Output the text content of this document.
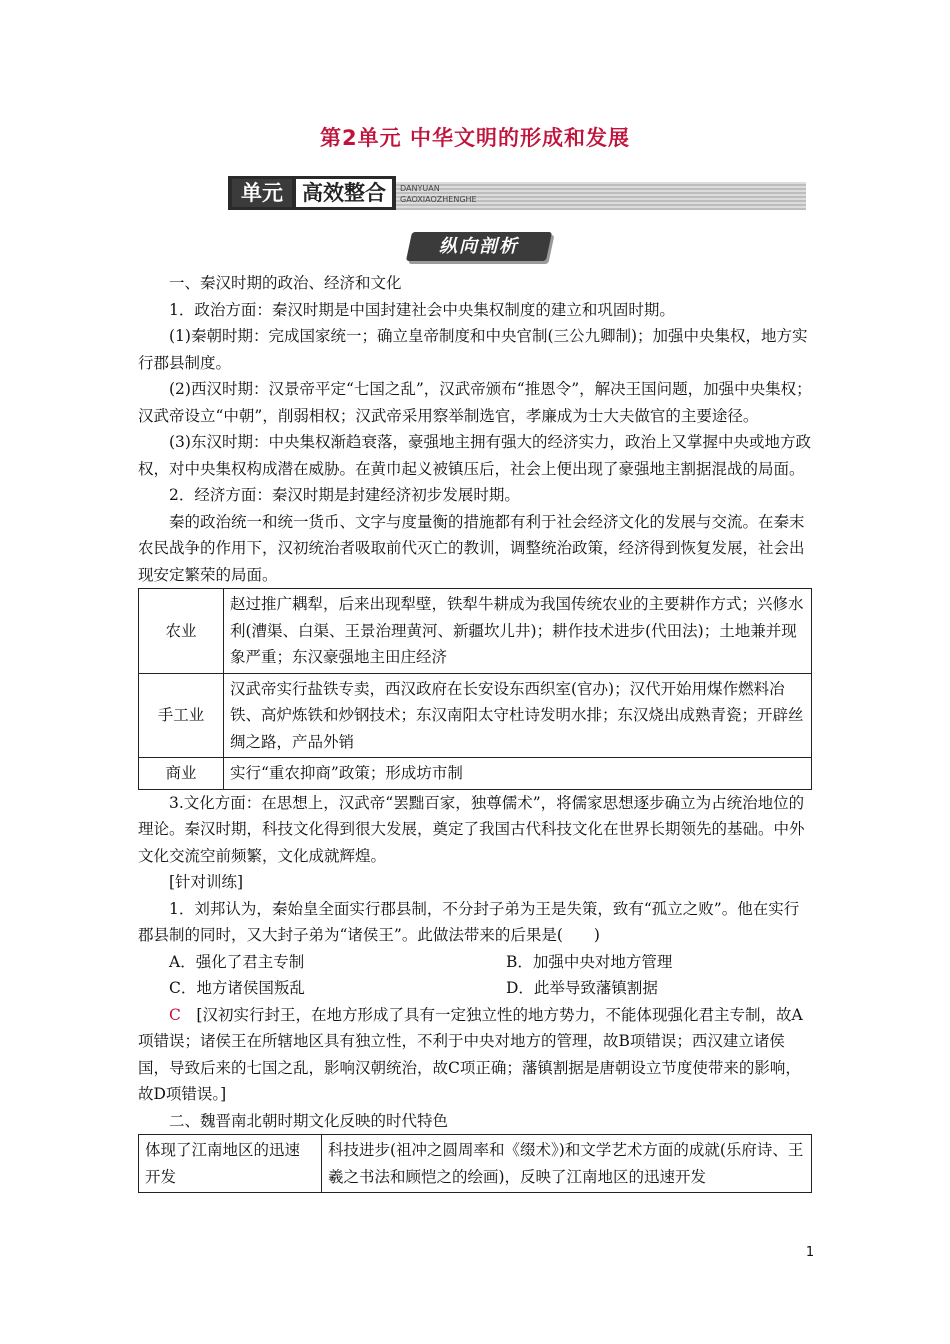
第2单元 中华文明的形成和发展
单元 高效整合	DANYUAN
GAOXIAOZHENGHE
纵向剖析

一、秦汉时期的政治、经济和文化

1．政治方面：秦汉时期是中国封建社会中央集权制度的建立和巩固时期。

(1)秦朝时期：完成国家统一；确立皇帝制度和中央官制(三公九卿制)；加强中央集权，地方实行郡县制度。

(2)西汉时期：汉景帝平定“七国之乱”，汉武帝颁布“推恩令”，解决王国问题，加强中央集权；汉武帝设立“中朝”，削弱相权；汉武帝采用察举制选官，孝廉成为士大夫做官的主要途径。

(3)东汉时期：中央集权渐趋衰落，豪强地主拥有强大的经济实力，政治上又掌握中央或地方政权，对中央集权构成潜在威胁。在黄巾起义被镇压后，社会上便出现了豪强地主割据混战的局面。

2．经济方面：秦汉时期是封建经济初步发展时期。

秦的政治统一和统一货币、文字与度量衡的措施都有利于社会经济文化的发展与交流。在秦末农民战争的作用下，汉初统治者吸取前代灭亡的教训，调整统治政策，经济得到恢复发展，社会出现安定繁荣的局面。

农业	赵过推广耦犁，后来出现犁壁，铁犁牛耕成为我国传统农业的主要耕作方式；兴修水利(漕渠、白渠、王景治理黄河、新疆坎儿井)；耕作技术进步(代田法)；土地兼并现象严重；东汉豪强地主田庄经济
手工业	汉武帝实行盐铁专卖，西汉政府在长安设东西织室(官办)；汉代开始用煤作燃料冶铁、高炉炼铁和炒钢技术；东汉南阳太守杜诗发明水排；东汉烧出成熟青瓷；开辟丝绸之路，产品外销
商业	实行“重农抑商”政策；形成坊市制

3.文化方面：在思想上，汉武帝“罢黜百家，独尊儒术”，将儒家思想逐步确立为占统治地位的理论。秦汉时期，科技文化得到很大发展，奠定了我国古代科技文化在世界长期领先的基础。中外文化交流空前频繁，文化成就辉煌。

[针对训练]

1．刘邦认为，秦始皇全面实行郡县制，不分封子弟为王是失策，致有“孤立之败”。他在实行郡县制的同时，又大封子弟为“诸侯王”。此做法带来的后果是(　　)

A．强化了君主专制	B．加强中央对地方管理
C．地方诸侯国叛乱	D．此举导致藩镇割据

C　 [汉初实行封王，在地方形成了具有一定独立性的地方势力，不能体现强化君主专制，故A项错误；诸侯王在所辖地区具有独立性，不利于中央对地方的管理，故B项错误；西汉建立诸侯国，导致后来的七国之乱，影响汉朝统治，故C项正确；藩镇割据是唐朝设立节度使带来的影响，故D项错误。]

二、魏晋南北朝时期文化反映的时代特色

体现了江南地区的迅速开发	科技进步(祖冲之圆周率和《缀术》)和文学艺术方面的成就(乐府诗、王羲之书法和顾恺之的绘画)，反映了江南地区的迅速开发
1
